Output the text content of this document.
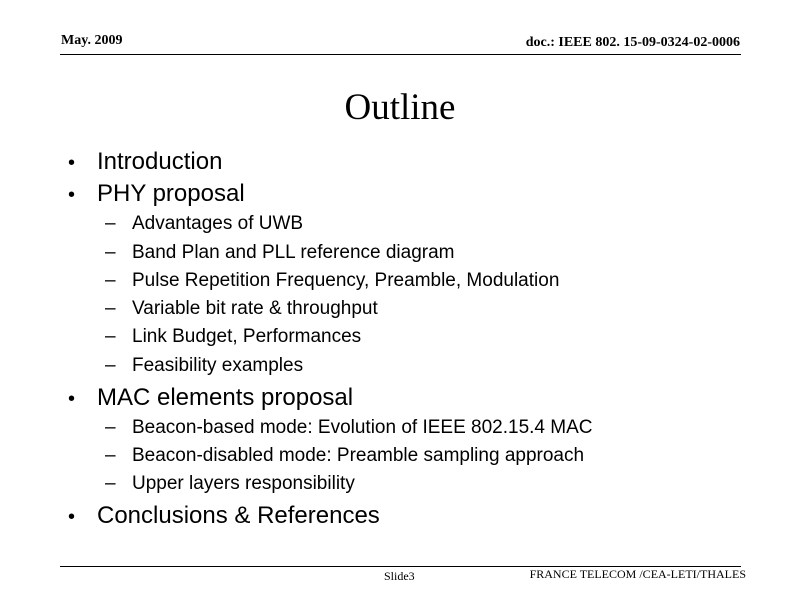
May. 2009	doc.: IEEE 802. 15-09-0324-02-0006
Outline
• Introduction
• PHY proposal
– Advantages of UWB
– Band Plan and PLL reference diagram
– Pulse Repetition Frequency, Preamble, Modulation
– Variable bit rate & throughput
– Link Budget, Performances
– Feasibility examples
• MAC elements proposal
– Beacon-based mode: Evolution of IEEE 802.15.4 MAC
– Beacon-disabled mode: Preamble sampling approach
– Upper layers responsibility
• Conclusions & References
Slide3	FRANCE TELECOM /CEA-LETI/THALES
